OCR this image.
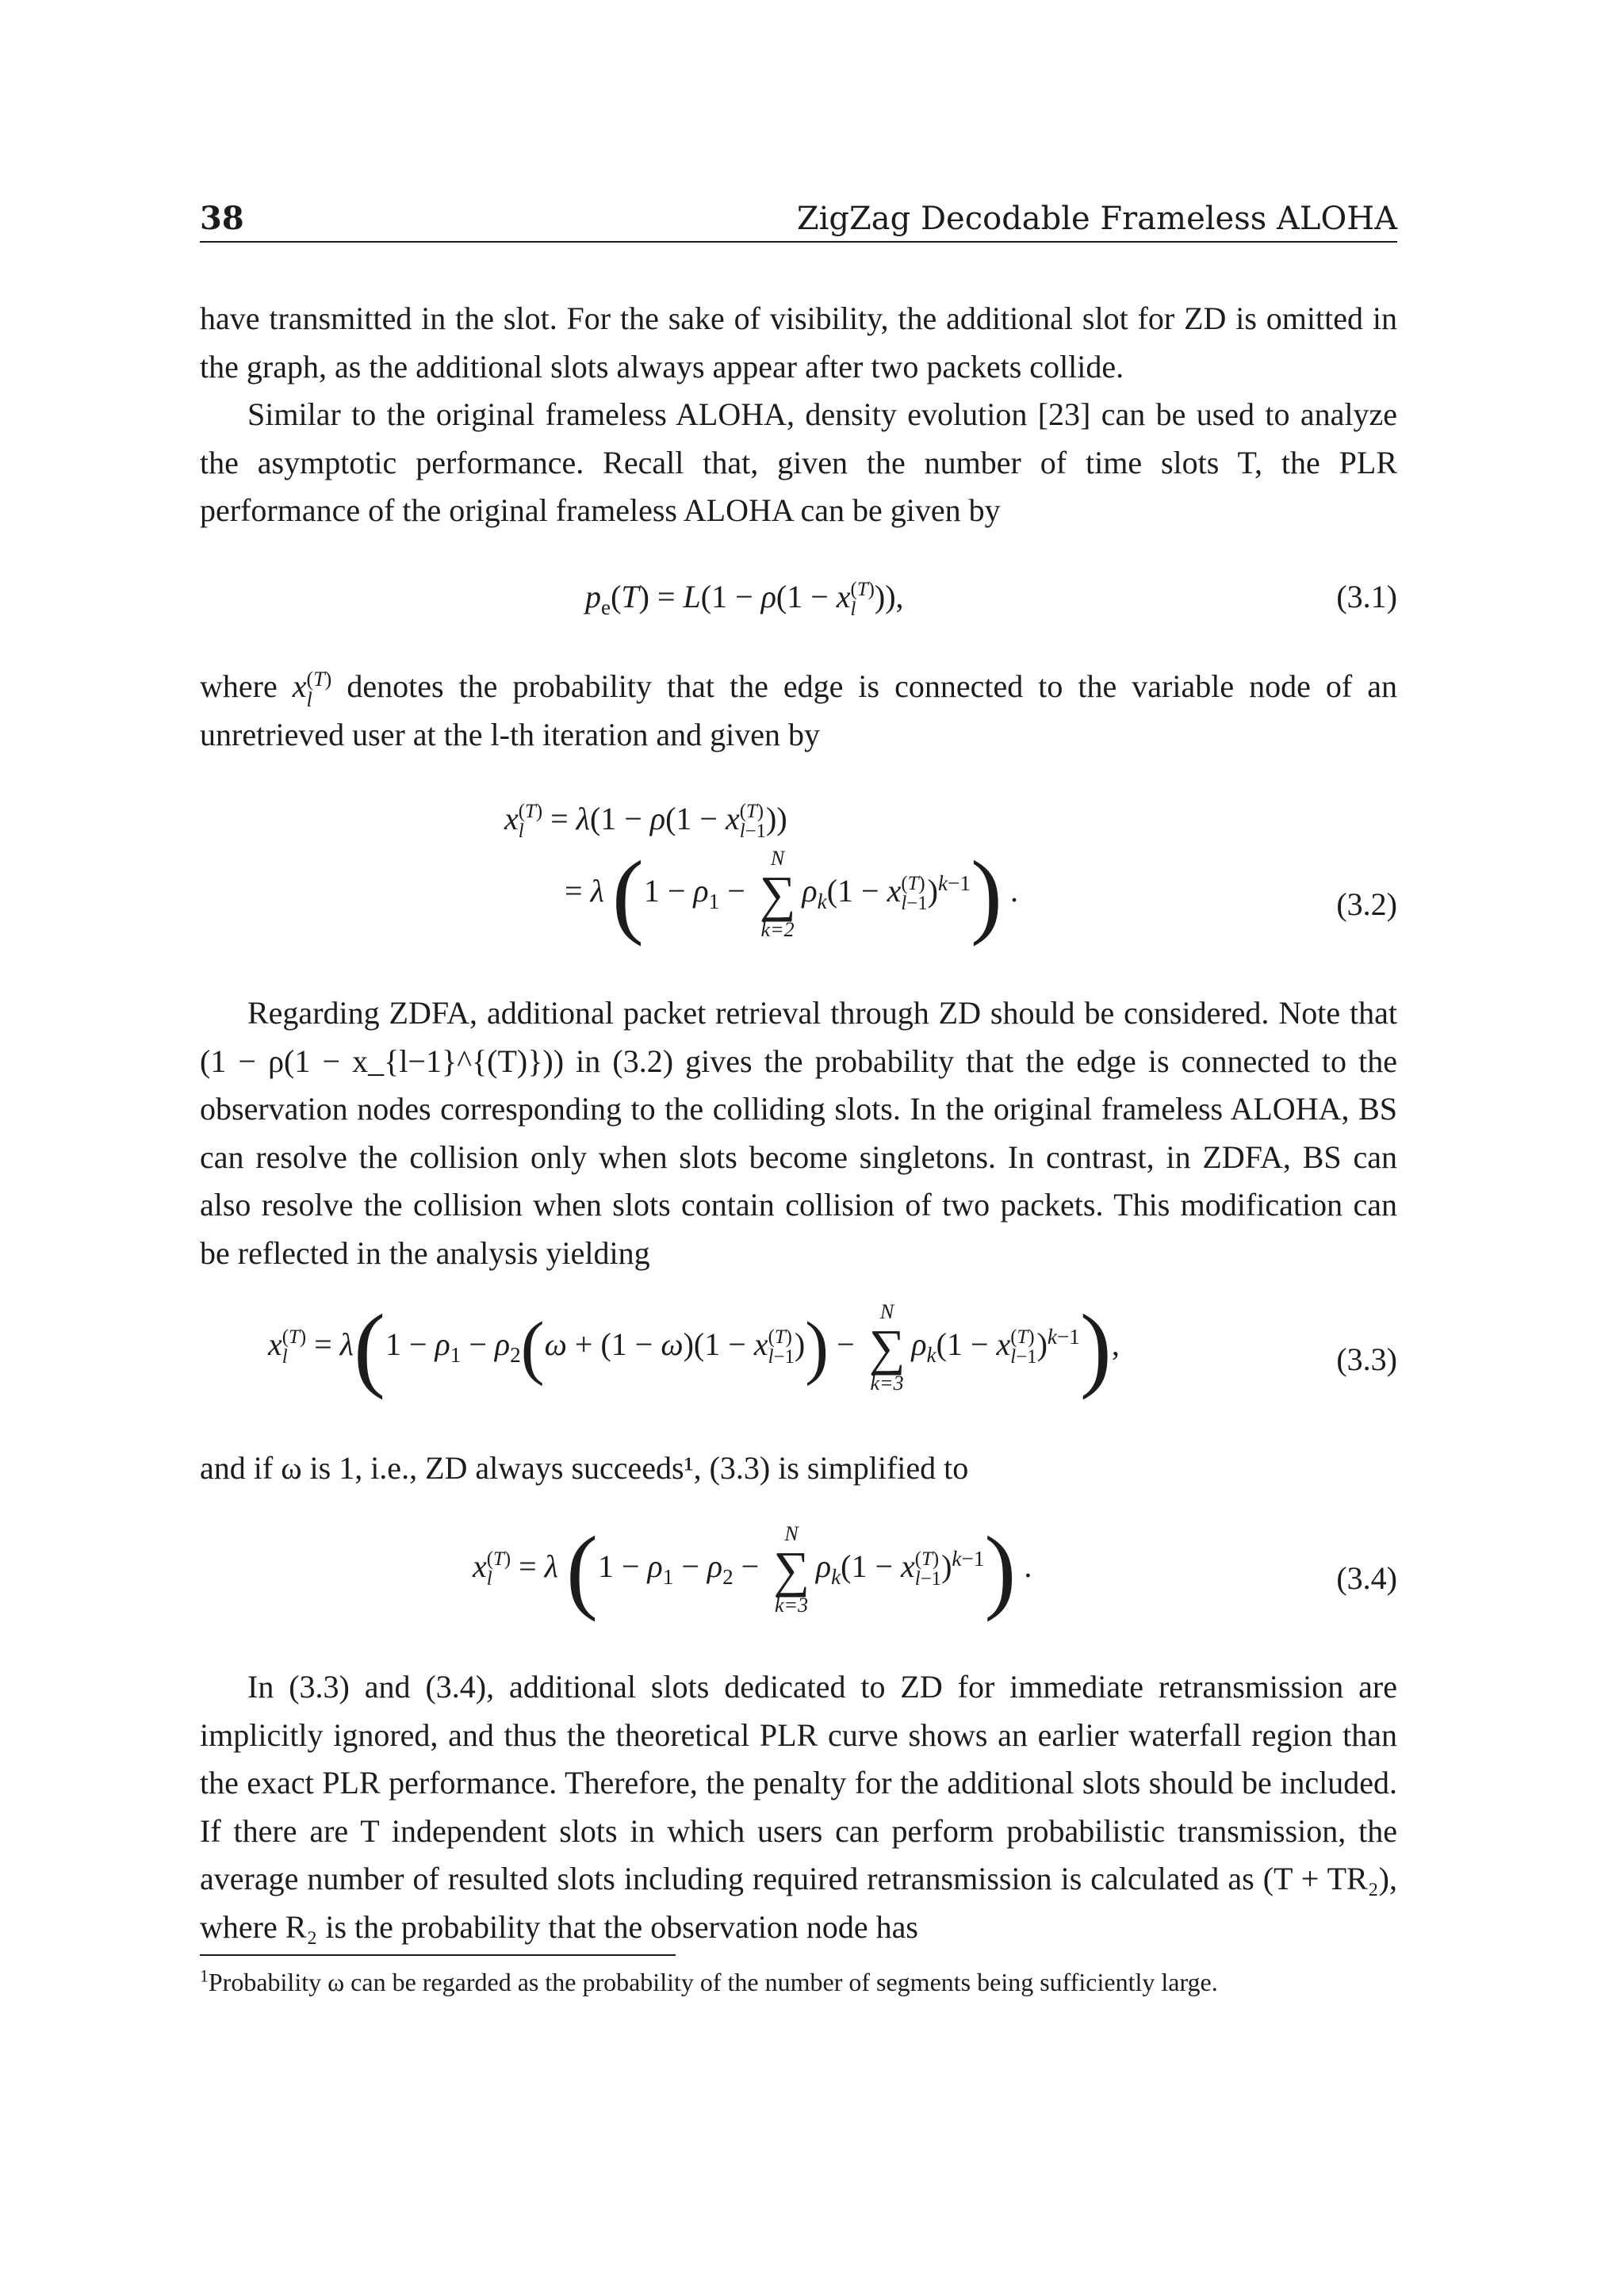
38	ZigZag Decodable Frameless ALOHA

have transmitted in the slot. For the sake of visibility, the additional slot for ZD is omitted in the graph, as the additional slots always appear after two packets collide.

Similar to the original frameless ALOHA, density evolution [23] can be used to analyze the asymptotic performance. Recall that, given the number of time slots T, the PLR performance of the original frameless ALOHA can be given by

$p_e(T) = L(1 - \rho(1 - x$ (T)
l )),	(3.1)

where x (T)
l	denotes the probability that the edge is connected to the variable node of an unretrieved user at the l-th iteration and given by

x (T)
l = λ(1 − ρ(1 − x (T)
l−1 ))
= λ ($1 - \rho_1$ −
N
∑
k=2
$\rho_k(1 - x$ (T)
l−1 )$^{k-1}$) .	(3.2)

Regarding ZDFA, additional packet retrieval through ZD should be considered. Note that (1 − ρ(1 − x_{l−1}^{(T)})) in (3.2) gives the probability that the edge is connected to the observation nodes corresponding to the colliding slots. In the original frameless ALOHA, BS can resolve the collision only when slots become singletons. In contrast, in ZDFA, BS can also resolve the collision when slots contain collision of two packets. This modification can be reflected in the analysis yielding

x (T)
$l = \lambda(1 - \rho_1 - \rho_2(\omega + (1 - \omega)(1 - x$ (T)
l−1 )) −
N
∑
k=3
$\rho_k(1 - x$ (T)
l−1 )$^{k-1}$),	(3.3)

and if ω is 1, i.e., ZD always succeeds¹, (3.3) is simplified to

x (T)
l = λ ($1 - \rho_1 - \rho_2$ −
N
∑
k=3
$\rho_k(1 - x$ (T)
l−1 )$^{k-1}$) .	(3.4)

In (3.3) and (3.4), additional slots dedicated to ZD for immediate retransmission are implicitly ignored, and thus the theoretical PLR curve shows an earlier waterfall region than the exact PLR performance. Therefore, the penalty for the additional slots should be included. If there are T independent slots in which users can perform probabilistic transmission, the average number of resulted slots including required retransmission is calculated as (T + TR₂), where R₂ is the probability that the observation node has

$^1$Probability ω can be regarded as the probability of the number of segments being sufficiently large.
